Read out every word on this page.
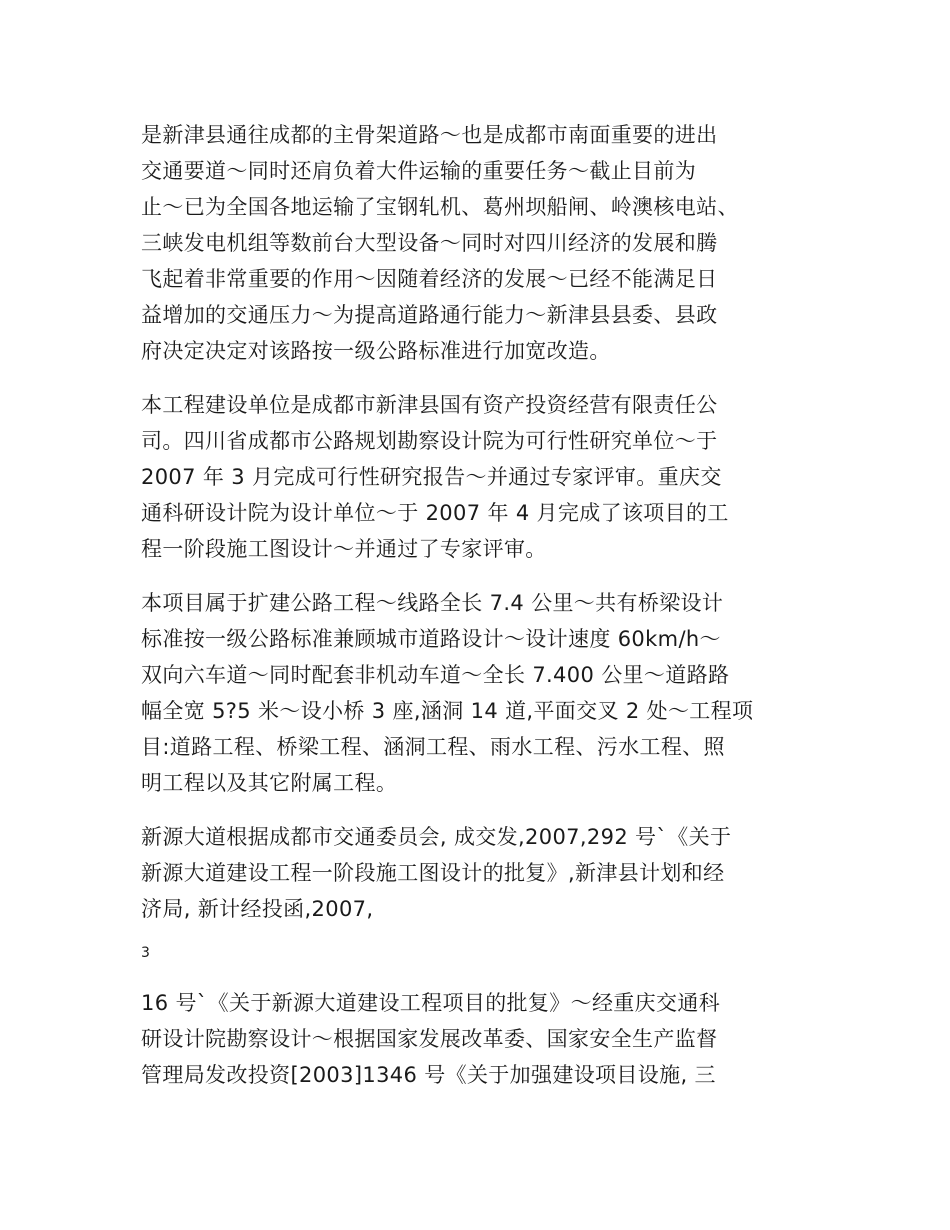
是新津县通往成都的主骨架道路～也是成都市南面重要的进出
交通要道～同时还肩负着大件运输的重要任务～截止目前为
止～已为全国各地运输了宝钢轧机、葛州坝船闸、岭澳核电站、
三峡发电机组等数前台大型设备～同时对四川经济的发展和腾
飞起着非常重要的作用～因随着经济的发展～已经不能满足日
益增加的交通压力～为提高道路通行能力～新津县县委、县政
府决定决定对该路按一级公路标准进行加宽改造。
本工程建设单位是成都市新津县国有资产投资经营有限责任公
司。四川省成都市公路规划勘察设计院为可行性研究单位～于
2007 年 3 月完成可行性研究报告～并通过专家评审。重庆交
通科研设计院为设计单位～于 2007 年 4 月完成了该项目的工
程一阶段施工图设计～并通过了专家评审。
本项目属于扩建公路工程～线路全长 7.4 公里～共有桥梁设计
标准按一级公路标准兼顾城市道路设计～设计速度 60km/h～
双向六车道～同时配套非机动车道～全长 7.400 公里～道路路
幅全宽 5?5 米～设小桥 3 座,涵洞 14 道,平面交叉 2 处～工程项
目:道路工程、桥梁工程、涵洞工程、雨水工程、污水工程、照
明工程以及其它附属工程。
新源大道根据成都市交通委员会, 成交发,2007,292 号`《关于
新源大道建设工程一阶段施工图设计的批复》,新津县计划和经
济局, 新计经投函,2007,
3
16 号`《关于新源大道建设工程项目的批复》～经重庆交通科
研设计院勘察设计～根据国家发展改革委、国家安全生产监督
管理局发改投资[2003]1346 号《关于加强建设项目设施, 三
